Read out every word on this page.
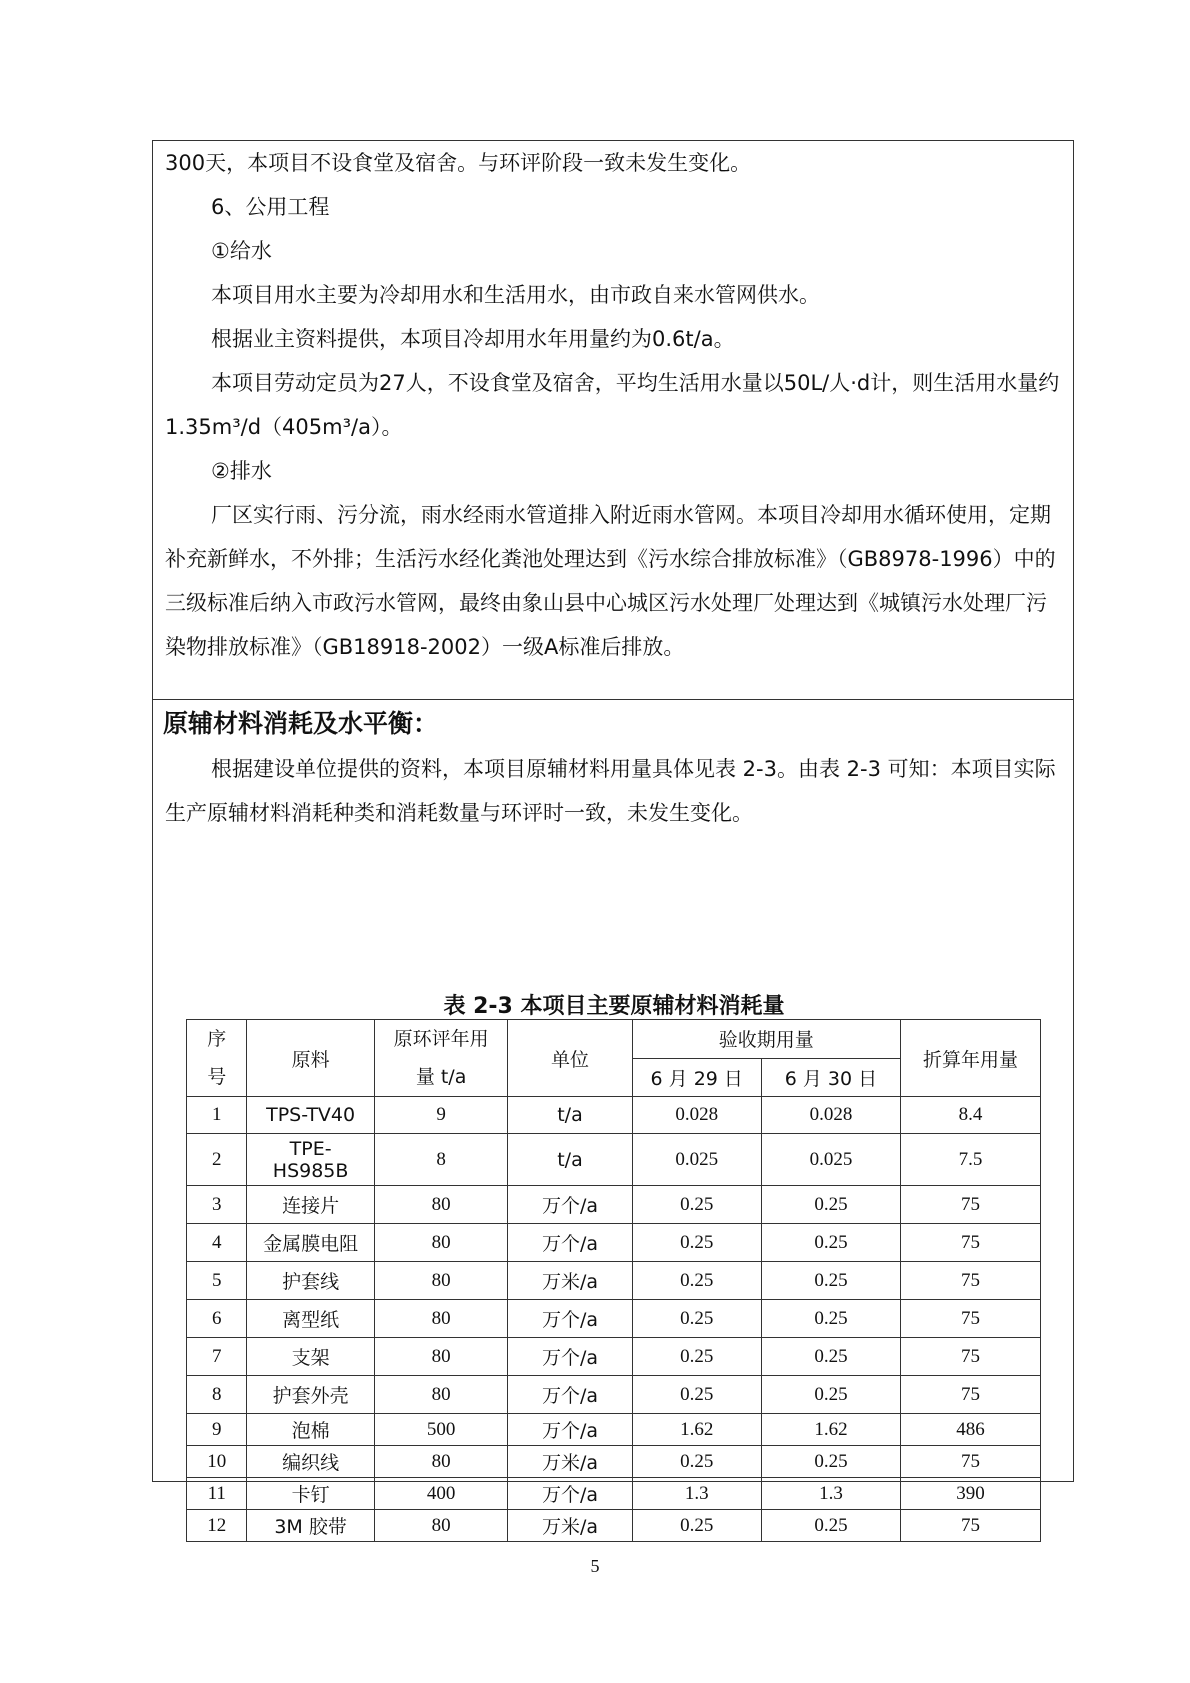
300天，本项目不设食堂及宿舍。与环评阶段一致未发生变化。
6、公用工程
①给水
本项目用水主要为冷却用水和生活用水，由市政自来水管网供水。
根据业主资料提供，本项目冷却用水年用量约为0.6t/a。
本项目劳动定员为27人，不设食堂及宿舍，平均生活用水量以50L/人·d计，则生活用水量约1.35m³/d（405m³/a）。
②排水
厂区实行雨、污分流，雨水经雨水管道排入附近雨水管网。本项目冷却用水循环使用，定期补充新鲜水，不外排；生活污水经化粪池处理达到《污水综合排放标准》（GB8978-1996）中的三级标准后纳入市政污水管网，最终由象山县中心城区污水处理厂处理达到《城镇污水处理厂污染物排放标准》（GB18918-2002）一级A标准后排放。
原辅材料消耗及水平衡：
根据建设单位提供的资料，本项目原辅材料用量具体见表 2-3。由表 2-3 可知：本项目实际生产原辅材料消耗种类和消耗数量与环评时一致，未发生变化。
表 2-3 本项目主要原辅材料消耗量
序号	原料	原环评年用量 t/a	单位	验收期用量		折算年用量
				6 月 29 日	6 月 30 日	
1	TPS-TV40	9	t/a	0.028	0.028	8.4
2	TPE-HS985B	8	t/a	0.025	0.025	7.5
3	连接片	80	万个/a	0.25	0.25	75
4	金属膜电阻	80	万个/a	0.25	0.25	75
5	护套线	80	万米/a	0.25	0.25	75
6	离型纸	80	万个/a	0.25	0.25	75
7	支架	80	万个/a	0.25	0.25	75
8	护套外壳	80	万个/a	0.25	0.25	75
9	泡棉	500	万个/a	1.62	1.62	486
10	编织线	80	万米/a	0.25	0.25	75
11	卡钉	400	万个/a	1.3	1.3	390
12	3M 胶带	80	万米/a	0.25	0.25	75
5
